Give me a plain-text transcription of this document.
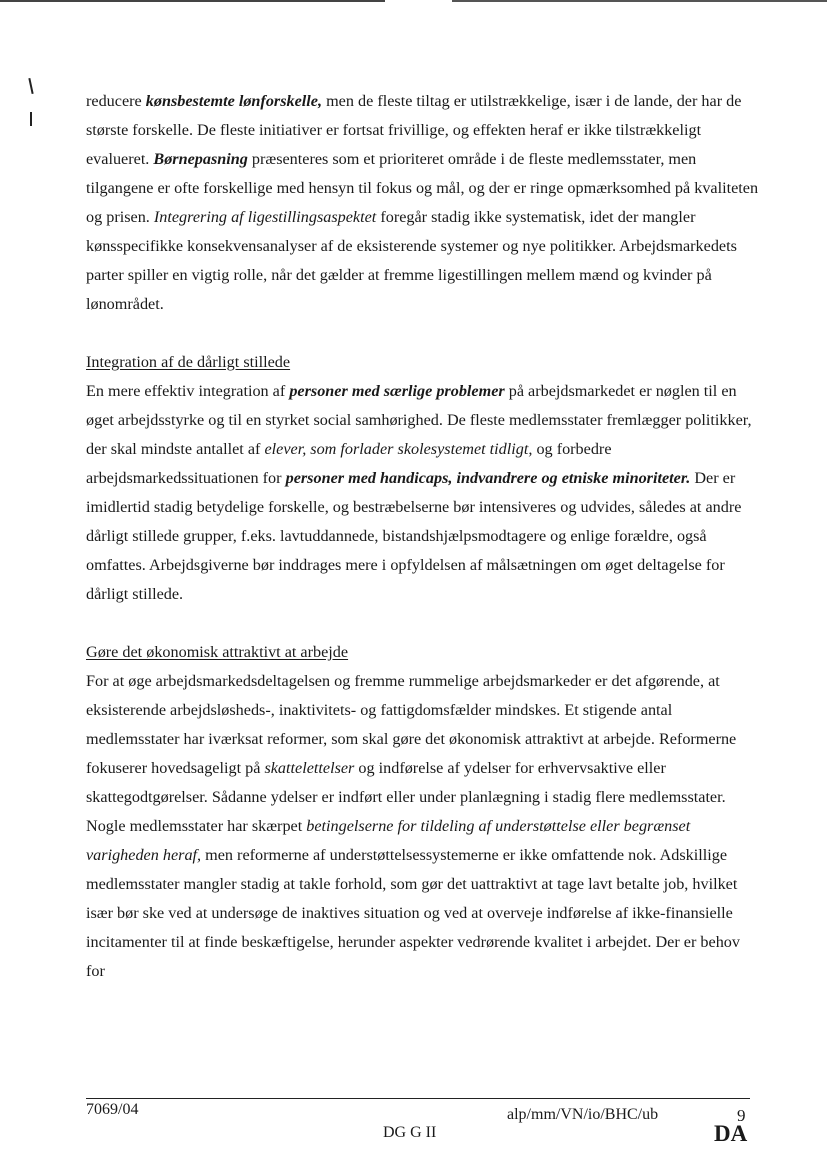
reducere kønsbestemte lønforskelle, men de fleste tiltag er utilstrækkelige, især i de lande, der har de største forskelle. De fleste initiativer er fortsat frivillige, og effekten heraf er ikke tilstrækkeligt evalueret. Børnepasning præsenteres som et prioriteret område i de fleste medlemsstater, men tilgangene er ofte forskellige med hensyn til fokus og mål, og der er ringe opmærksomhed på kvaliteten og prisen. Integrering af ligestillingsaspektet foregår stadig ikke systematisk, idet der mangler kønsspecifikke konsekvensanalyser af de eksisterende systemer og nye politikker. Arbejdsmarkedets parter spiller en vigtig rolle, når det gælder at fremme ligestillingen mellem mænd og kvinder på lønområdet.

Integration af de dårligt stillede

En mere effektiv integration af personer med særlige problemer på arbejdsmarkedet er nøglen til en øget arbejdsstyrke og til en styrket social samhørighed. De fleste medlemsstater fremlægger politikker, der skal mindste antallet af elever, som forlader skolesystemet tidligt, og forbedre arbejdsmarkedssituationen for personer med handicaps, indvandrere og etniske minoriteter. Der er imidlertid stadig betydelige forskelle, og bestræbelserne bør intensiveres og udvides, således at andre dårligt stillede grupper, f.eks. lavtuddannede, bistandshjælpsmodtagere og enlige forældre, også omfattes. Arbejdsgiverne bør inddrages mere i opfyldelsen af målsætningen om øget deltagelse for dårligt stillede.

Gøre det økonomisk attraktivt at arbejde

For at øge arbejdsmarkedsdeltagelsen og fremme rummelige arbejdsmarkeder er det afgørende, at eksisterende arbejdsløsheds-, inaktivitets- og fattigdomsfælder mindskes. Et stigende antal medlemsstater har iværksat reformer, som skal gøre det økonomisk attraktivt at arbejde. Reformerne fokuserer hovedsageligt på skattelettelser og indførelse af ydelser for erhvervsaktive eller skattegodtgørelser. Sådanne ydelser er indført eller under planlægning i stadig flere medlemsstater. Nogle medlemsstater har skærpet betingelserne for tildeling af understøttelse eller begrænset varigheden heraf, men reformerne af understøttelsessystemerne er ikke omfattende nok. Adskillige medlemsstater mangler stadig at takle forhold, som gør det uattraktivt at tage lavt betalte job, hvilket især bør ske ved at undersøge de inaktives situation og ved at overveje indførelse af ikke-finansielle incitamenter til at finde beskæftigelse, herunder aspekter vedrørende kvalitet i arbejdet. Der er behov for

7069/04
DG G II
alp/mm/VN/io/BHC/ub	9
DA
